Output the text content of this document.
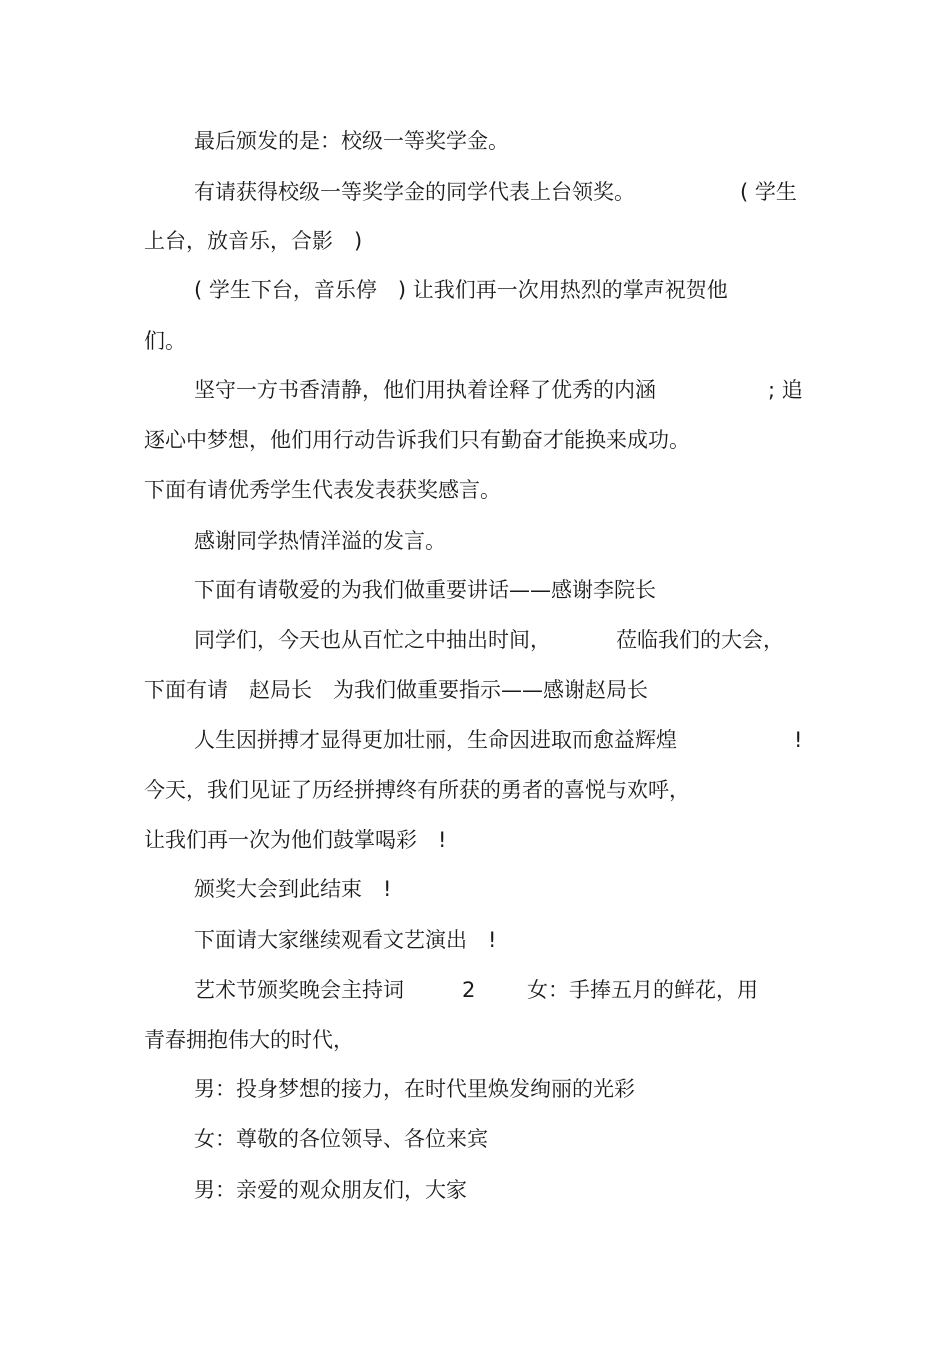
最后颁发的是：校级一等奖学金。
有请获得校级一等奖学金的同学代表上台领奖。	( 学生
上台，放音乐，合影　)
( 学生下台，音乐停　) 让我们再一次用热烈的掌声祝贺他
们。
坚守一方书香清静，他们用执着诠释了优秀的内涵	; 追
逐心中梦想，他们用行动告诉我们只有勤奋才能换来成功。
下面有请优秀学生代表发表获奖感言。
感谢同学热情洋溢的发言。
下面有请敬爱的为我们做重要讲话——感谢李院长
同学们，今天也从百忙之中抽出时间，	莅临我们的大会，
下面有请　赵局长　为我们做重要指示——感谢赵局长
人生因拼搏才显得更加壮丽，生命因进取而愈益辉煌	!
今天，我们见证了历经拼搏终有所获的勇者的喜悦与欢呼，
让我们再一次为他们鼓掌喝彩　!
颁奖大会到此结束　!
下面请大家继续观看文艺演出　!
艺术节颁奖晚会主持词	2 女：手捧五月的鲜花，用
青春拥抱伟大的时代，
男：投身梦想的接力，在时代里焕发绚丽的光彩
女：尊敬的各位领导、各位来宾
男：亲爱的观众朋友们，大家
